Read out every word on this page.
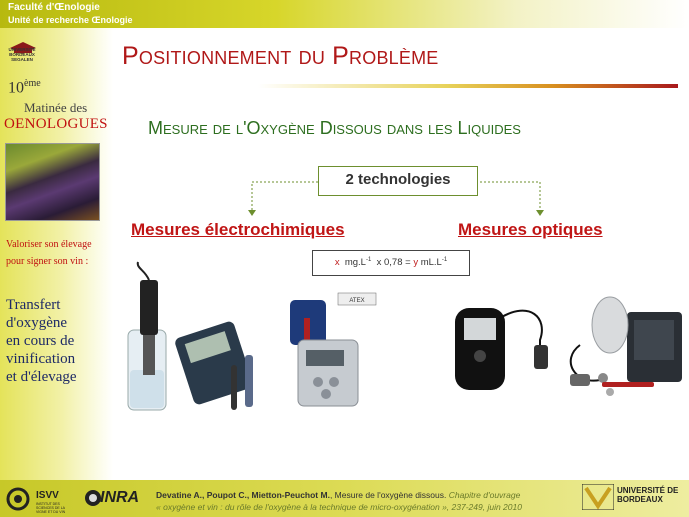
Faculté d'Œnologie
Unité de recherche Œnologie
UNIVERSITÉ BORDEAUX SEGALEN
10ème
Matinée des
OENOLOGUES
Valoriser son élevage
pour signer son vin :
Transfert
d'oxygène
en cours de
vinification
et d'élevage
Positionnement du Problème
Mesure de l'Oxygène Dissous dans les Liquides
2 technologies
Mesures électrochimiques	Mesures optiques
x $mg.L^{-1}$ x 0,78 = y $mL.L^{-1}$
ATEX
ISVV
INSTITUT DES SCIENCES DE LA VIGNE ET DU VIN
INRA Devatine A., Poupot C., Mietton-Peuchot M., Mesure de l'oxygène dissous. Chapitre d'ouvrage
« oxygène et vin : du rôle de l'oxygène à la technique de micro-oxygénation », 237-249, juin 2010
UNIVERSITÉ DE
BORDEAUX
